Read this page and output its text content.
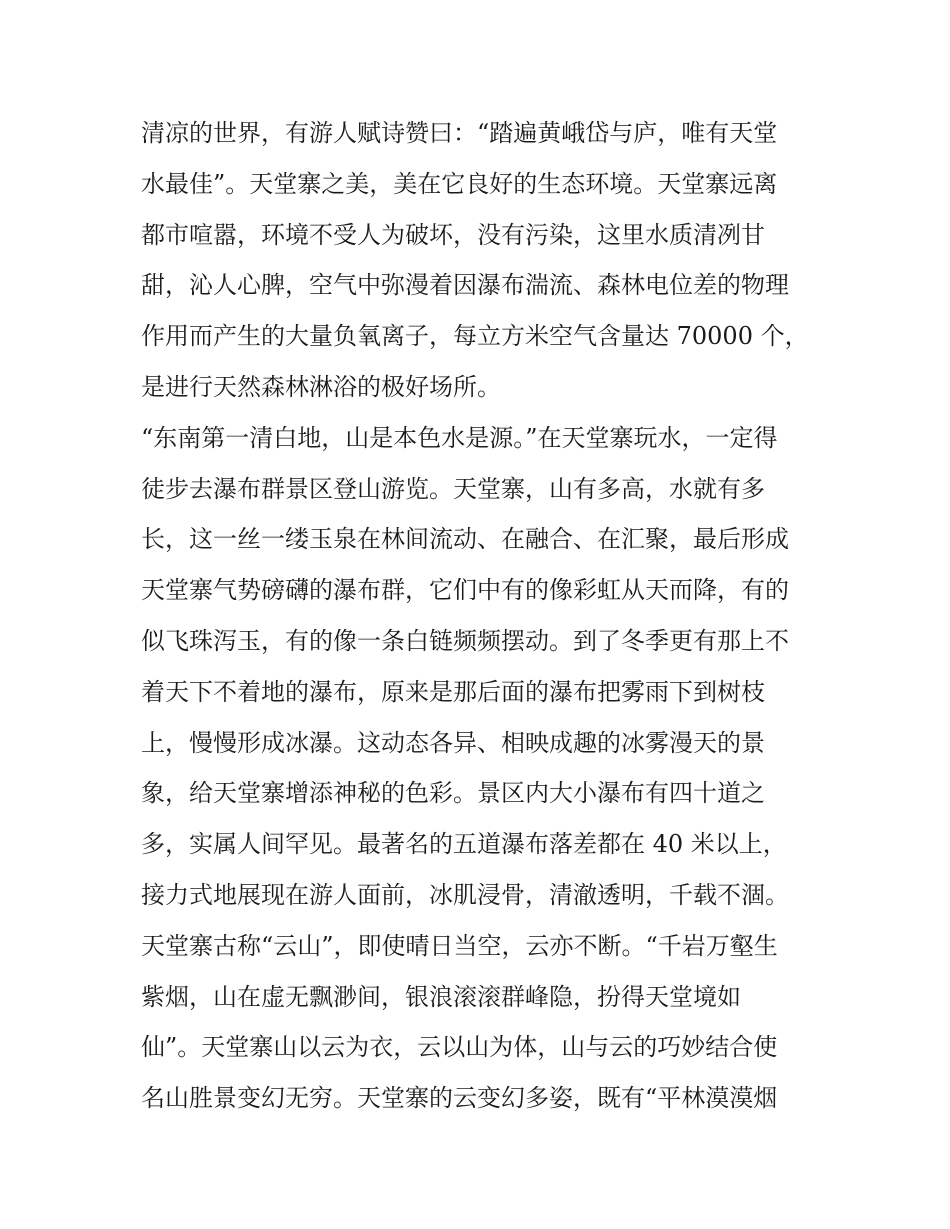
清凉的世界，有游人赋诗赞曰：“踏遍黄峨岱与庐，唯有天堂
水最佳”。天堂寨之美，美在它良好的生态环境。天堂寨远离
都市喧嚣，环境不受人为破坏，没有污染，这里水质清冽甘
甜，沁人心脾，空气中弥漫着因瀑布湍流、森林电位差的物理
作用而产生的大量负氧离子，每立方米空气含量达 70000 个，
是进行天然森林淋浴的极好场所。
“东南第一清白地，山是本色水是源。”在天堂寨玩水，一定得
徒步去瀑布群景区登山游览。天堂寨，山有多高，水就有多
长，这一丝一缕玉泉在林间流动、在融合、在汇聚，最后形成
天堂寨气势磅礴的瀑布群，它们中有的像彩虹从天而降，有的
似飞珠泻玉，有的像一条白链频频摆动。到了冬季更有那上不
着天下不着地的瀑布，原来是那后面的瀑布把雾雨下到树枝
上，慢慢形成冰瀑。这动态各异、相映成趣的冰雾漫天的景
象，给天堂寨增添神秘的色彩。景区内大小瀑布有四十道之
多，实属人间罕见。最著名的五道瀑布落差都在 40 米以上，
接力式地展现在游人面前，冰肌浸骨，清澈透明，千载不涸。
天堂寨古称“云山”，即使晴日当空，云亦不断。“千岩万壑生
紫烟，山在虚无飘渺间，银浪滚滚群峰隐，扮得天堂境如
仙”。天堂寨山以云为衣，云以山为体，山与云的巧妙结合使
名山胜景变幻无穷。天堂寨的云变幻多姿，既有“平林漠漠烟
